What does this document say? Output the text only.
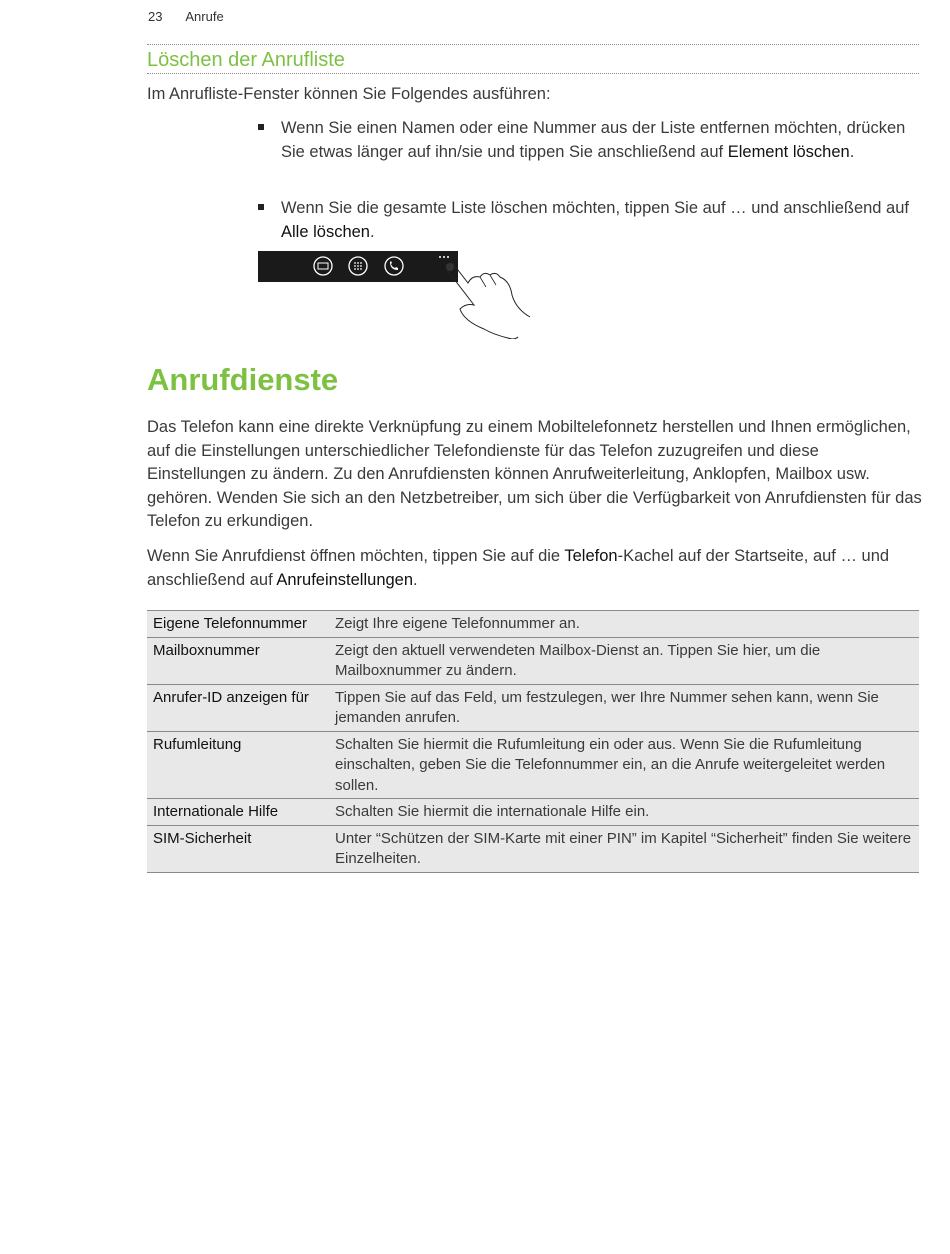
23 Anrufe
Löschen der Anrufliste
Im Anrufliste-Fenster können Sie Folgendes ausführen:
Wenn Sie einen Namen oder eine Nummer aus der Liste entfernen möchten, drücken Sie etwas länger auf ihn/sie und tippen Sie anschließend auf Element löschen.
Wenn Sie die gesamte Liste löschen möchten, tippen Sie auf … und anschließend auf Alle löschen.
Anrufdienste
Das Telefon kann eine direkte Verknüpfung zu einem Mobiltelefonnetz herstellen und Ihnen ermöglichen, auf die Einstellungen unterschiedlicher Telefondienste für das Telefon zuzugreifen und diese Einstellungen zu ändern. Zu den Anrufdiensten können Anrufweiterleitung, Anklopfen, Mailbox usw. gehören. Wenden Sie sich an den Netzbetreiber, um sich über die Verfügbarkeit von Anrufdiensten für das Telefon zu erkundigen.
Wenn Sie Anrufdienst öffnen möchten, tippen Sie auf die Telefon-Kachel auf der Startseite, auf … und anschließend auf Anrufeinstellungen.
Eigene Telefonnummer	Zeigt Ihre eigene Telefonnummer an.
Mailboxnummer	Zeigt den aktuell verwendeten Mailbox-Dienst an. Tippen Sie hier, um die Mailboxnummer zu ändern.
Anrufer-ID anzeigen für	Tippen Sie auf das Feld, um festzulegen, wer Ihre Nummer sehen kann, wenn Sie jemanden anrufen.
Rufumleitung	Schalten Sie hiermit die Rufumleitung ein oder aus. Wenn Sie die Rufumleitung einschalten, geben Sie die Telefonnummer ein, an die Anrufe weitergeleitet werden sollen.
Internationale Hilfe	Schalten Sie hiermit die internationale Hilfe ein.
SIM-Sicherheit	Unter “Schützen der SIM-Karte mit einer PIN” im Kapitel “Sicherheit” finden Sie weitere Einzelheiten.
